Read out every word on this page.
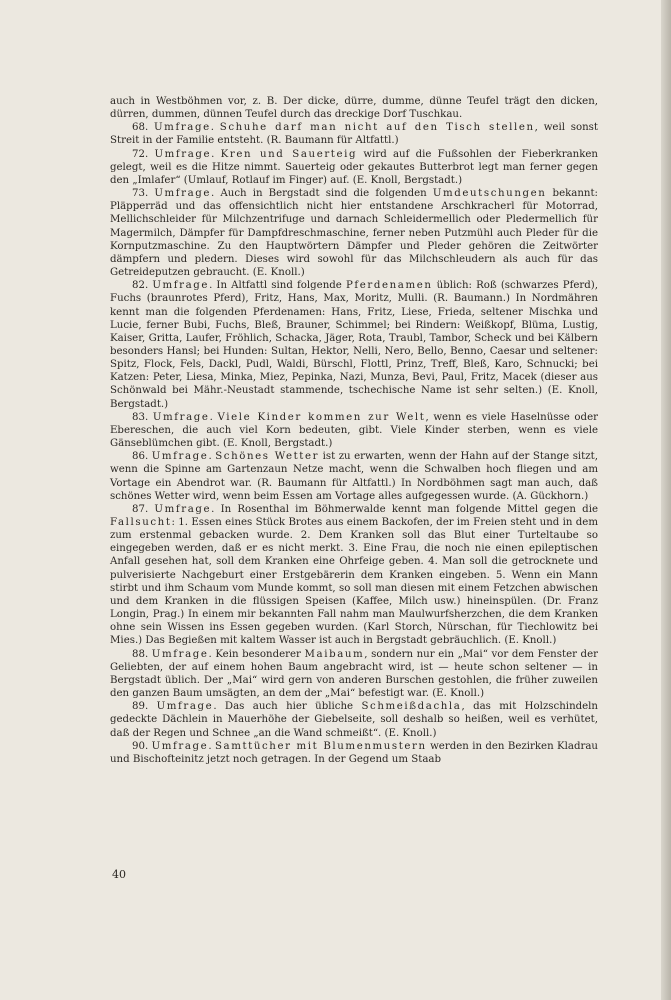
auch in Westböhmen vor, z. B. Der dicke, dürre, dumme, dünne Teufel trägt den dicken, dürren, dummen, dünnen Teufel durch das dreckige Dorf Tuschkau.

68. Umfrage. Schuhe darf man nicht auf den Tisch stellen, weil sonst Streit in der Familie entsteht. (R. Baumann für Altfattl.)

72. Umfrage. Kren und Sauerteig wird auf die Fußsohlen der Fieberkranken gelegt, weil es die Hitze nimmt. Sauerteig oder gekautes Butterbrot legt man ferner gegen den „Imlafer“ (Umlauf, Rotlauf im Finger) auf. (E. Knoll, Bergstadt.)

73. Umfrage. Auch in Bergstadt sind die folgenden Umdeutschungen bekannt: Pläpperräd und das offensichtlich nicht hier entstandene Arschkracherl für Motorrad, Mellichschleider für Milchzentrifuge und darnach Schleidermellich oder Pledermellich für Magermilch, Dämpfer für Dampfdreschmaschine, ferner neben Putzmühl auch Pleder für die Kornputzmaschine. Zu den Hauptwörtern Dämpfer und Pleder gehören die Zeitwörter dämpfern und pledern. Dieses wird sowohl für das Milchschleudern als auch für das Getreideputzen gebraucht. (E. Knoll.)

82. Umfrage. In Altfattl sind folgende Pferdenamen üblich: Roß (schwarzes Pferd), Fuchs (braunrotes Pferd), Fritz, Hans, Max, Moritz, Mulli. (R. Baumann.) In Nordmähren kennt man die folgenden Pferdenamen: Hans, Fritz, Liese, Frieda, seltener Mischka und Lucie, ferner Bubi, Fuchs, Bleß, Brauner, Schimmel; bei Rindern: Weißkopf, Blüma, Lustig, Kaiser, Gritta, Laufer, Fröhlich, Schacka, Jäger, Rota, Traubl, Tambor, Scheck und bei Kälbern besonders Hansl; bei Hunden: Sultan, Hektor, Nelli, Nero, Bello, Benno, Caesar und seltener: Spitz, Flock, Fels, Dackl, Pudl, Waldi, Bürschl, Flottl, Prinz, Treff, Bleß, Karo, Schnucki; bei Katzen: Peter, Liesa, Minka, Miez, Pepinka, Nazi, Munza, Bevi, Paul, Fritz, Macek (dieser aus Schönwald bei Mähr.-Neustadt stammende, tschechische Name ist sehr selten.) (E. Knoll, Bergstadt.)

83. Umfrage. Viele Kinder kommen zur Welt, wenn es viele Haselnüsse oder Ebereschen, die auch viel Korn bedeuten, gibt. Viele Kinder sterben, wenn es viele Gänseblümchen gibt. (E. Knoll, Bergstadt.)

86. Umfrage. Schönes Wetter ist zu erwarten, wenn der Hahn auf der Stange sitzt, wenn die Spinne am Gartenzaun Netze macht, wenn die Schwalben hoch fliegen und am Vortage ein Abendrot war. (R. Baumann für Altfattl.) In Nordböhmen sagt man auch, daß schönes Wetter wird, wenn beim Essen am Vortage alles aufgegessen wurde. (A. Gückhorn.)

87. Umfrage. In Rosenthal im Böhmerwalde kennt man folgende Mittel gegen die Fallsucht: 1. Essen eines Stück Brotes aus einem Backofen, der im Freien steht und in dem zum erstenmal gebacken wurde. 2. Dem Kranken soll das Blut einer Turteltaube so eingegeben werden, daß er es nicht merkt. 3. Eine Frau, die noch nie einen epileptischen Anfall gesehen hat, soll dem Kranken eine Ohrfeige geben. 4. Man soll die getrocknete und pulverisierte Nachgeburt einer Erstgebärerin dem Kranken eingeben. 5. Wenn ein Mann stirbt und ihm Schaum vom Munde kommt, so soll man diesen mit einem Fetzchen abwischen und dem Kranken in die flüssigen Speisen (Kaffee, Milch usw.) hineinspülen. (Dr. Franz Longin, Prag.) In einem mir bekannten Fall nahm man Maulwurfsherzchen, die dem Kranken ohne sein Wissen ins Essen gegeben wurden. (Karl Storch, Nürschan, für Tiechlowitz bei Mies.) Das Begießen mit kaltem Wasser ist auch in Bergstadt gebräuchlich. (E. Knoll.)

88. Umfrage. Kein besonderer Maibaum, sondern nur ein „Mai“ vor dem Fenster der Geliebten, der auf einem hohen Baum angebracht wird, ist — heute schon seltener — in Bergstadt üblich. Der „Mai“ wird gern von anderen Burschen gestohlen, die früher zuweilen den ganzen Baum umsägten, an dem der „Mai“ befestigt war. (E. Knoll.)

89. Umfrage. Das auch hier übliche Schmeißdachla, das mit Holzschindeln gedeckte Dächlein in Mauerhöhe der Giebelseite, soll deshalb so heißen, weil es verhütet, daß der Regen und Schnee „an die Wand schmeißt“. (E. Knoll.)

90. Umfrage. Samttücher mit Blumenmustern werden in den Bezirken Kladrau und Bischofteinitz jetzt noch getragen. In der Gegend um Staab

40
